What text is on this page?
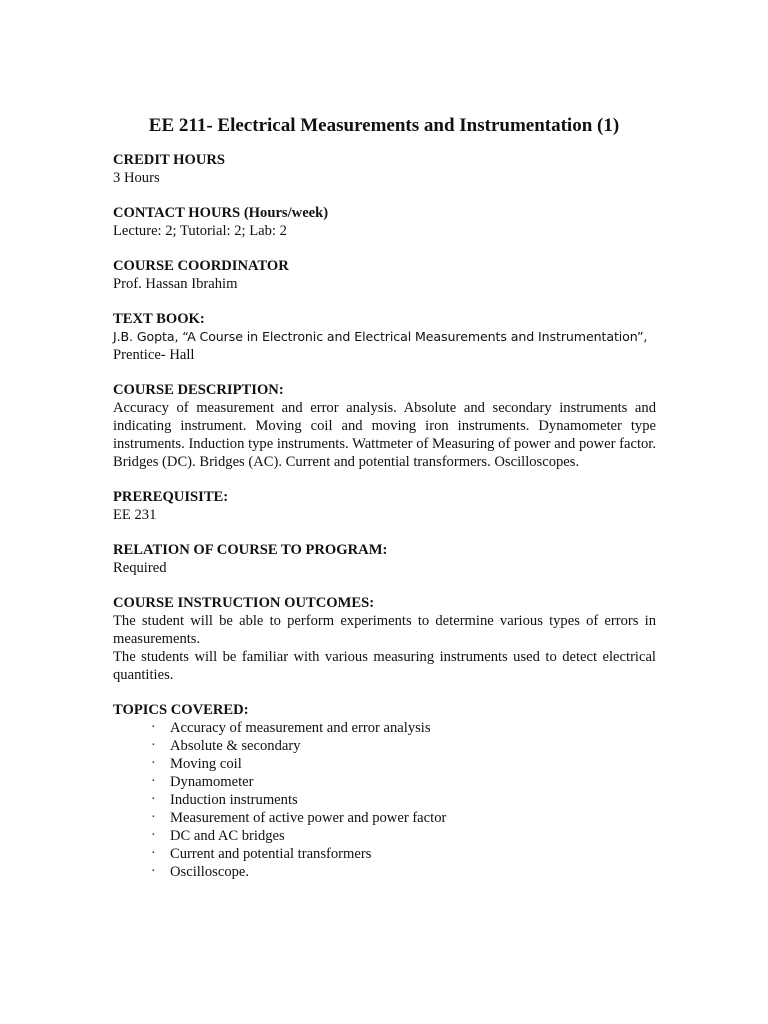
EE 211- Electrical Measurements and Instrumentation (1)

CREDIT HOURS

3 Hours

CONTACT HOURS (Hours/week)

Lecture: 2; Tutorial: 2; Lab: 2

COURSE COORDINATOR

Prof. Hassan Ibrahim

TEXT BOOK:

J.B. Gopta, “A Course in Electronic and Electrical Measurements and Instrumentation”,

Prentice- Hall

COURSE DESCRIPTION:

Accuracy of measurement and error analysis. Absolute and secondary instruments and indicating instrument. Moving coil and moving iron instruments. Dynamometer type instruments. Induction type instruments. Wattmeter of Measuring of power and power factor. Bridges (DC). Bridges (AC). Current and potential transformers. Oscilloscopes.

PREREQUISITE:

EE 231

RELATION OF COURSE TO PROGRAM:

Required

COURSE INSTRUCTION OUTCOMES:

The student will be able to perform experiments to determine various types of errors in measurements.

The students will be familiar with various measuring instruments used to detect electrical quantities.

TOPICS COVERED:

· Accuracy of measurement and error analysis
· Absolute & secondary
· Moving coil
· Dynamometer
· Induction instruments
· Measurement of active power and power factor
· DC and AC bridges
· Current and potential transformers
· Oscilloscope.
